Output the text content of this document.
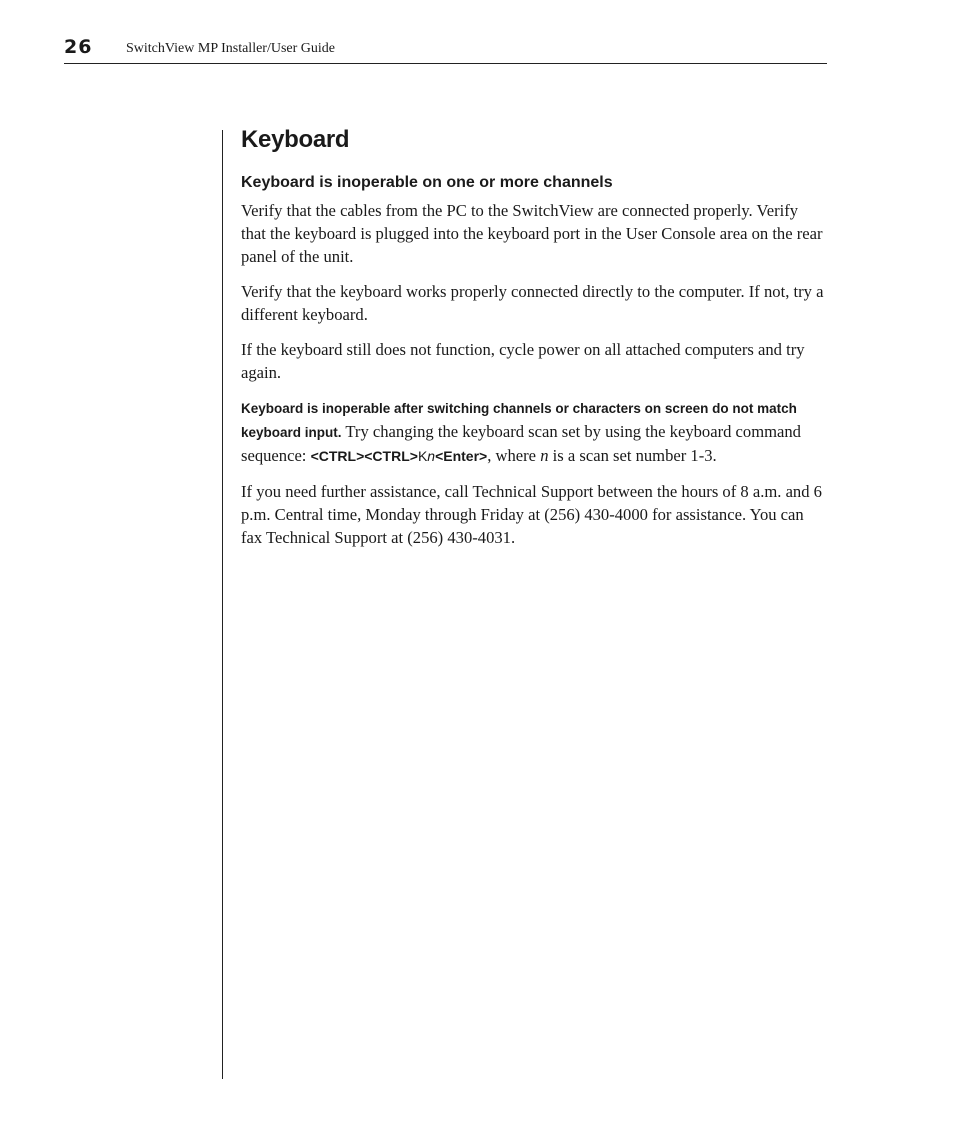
26 SwitchView MP Installer/User Guide
Keyboard
Keyboard is inoperable on one or more channels

Verify that the cables from the PC to the SwitchView are connected properly. Verify that the keyboard is plugged into the keyboard port in the User Console area on the rear panel of the unit.

Verify that the keyboard works properly connected directly to the computer. If not, try a different keyboard.

If the keyboard still does not function, cycle power on all attached computers and try again.

Keyboard is inoperable after switching channels or characters on screen do not match keyboard input. Try changing the keyboard scan set by using the keyboard command sequence: <CTRL><CTRL>Kn<Enter>, where n is a scan set number 1-3.

If you need further assistance, call Technical Support between the hours of 8 a.m. and 6 p.m. Central time, Monday through Friday at (256) 430-4000 for assistance. You can fax Technical Support at (256) 430-4031.
